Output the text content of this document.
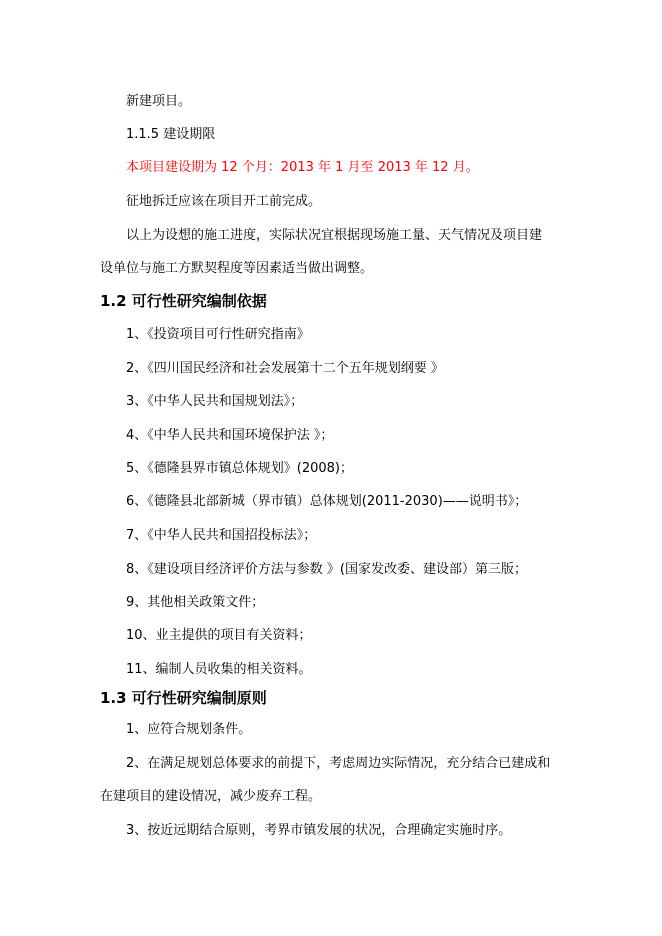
新建项目。
1.1.5 建设期限
本项目建设期为 12 个月：2013 年 1 月至 2013 年 12 月。
征地拆迁应该在项目开工前完成。
以上为设想的施工进度，实际状况宜根据现场施工量、天气情况及项目建
设单位与施工方默契程度等因素适当做出调整。
1.2 可行性研究编制依据
1、《投资项目可行性研究指南》
2、《四川国民经济和社会发展第十二个五年规划纲要 》
3、《中华人民共和国规划法》；
4、《中华人民共和国环境保护法 》；
5、《德隆县界市镇总体规划》(2008)；
6、《德隆县北部新城（界市镇）总体规划(2011-2030)——说明书》；
7、《中华人民共和国招投标法》；
8、《建设项目经济评价方法与参数 》(国家发改委、建设部）第三版；
9、其他相关政策文件；
10、业主提供的项目有关资料；
11、编制人员收集的相关资料。
1.3 可行性研究编制原则
1、应符合规划条件。
2、在满足规划总体要求的前提下，考虑周边实际情况，充分结合已建成和
在建项目的建设情况，减少废弃工程。
3、按近远期结合原则，考界市镇发展的状况，合理确定实施时序。
